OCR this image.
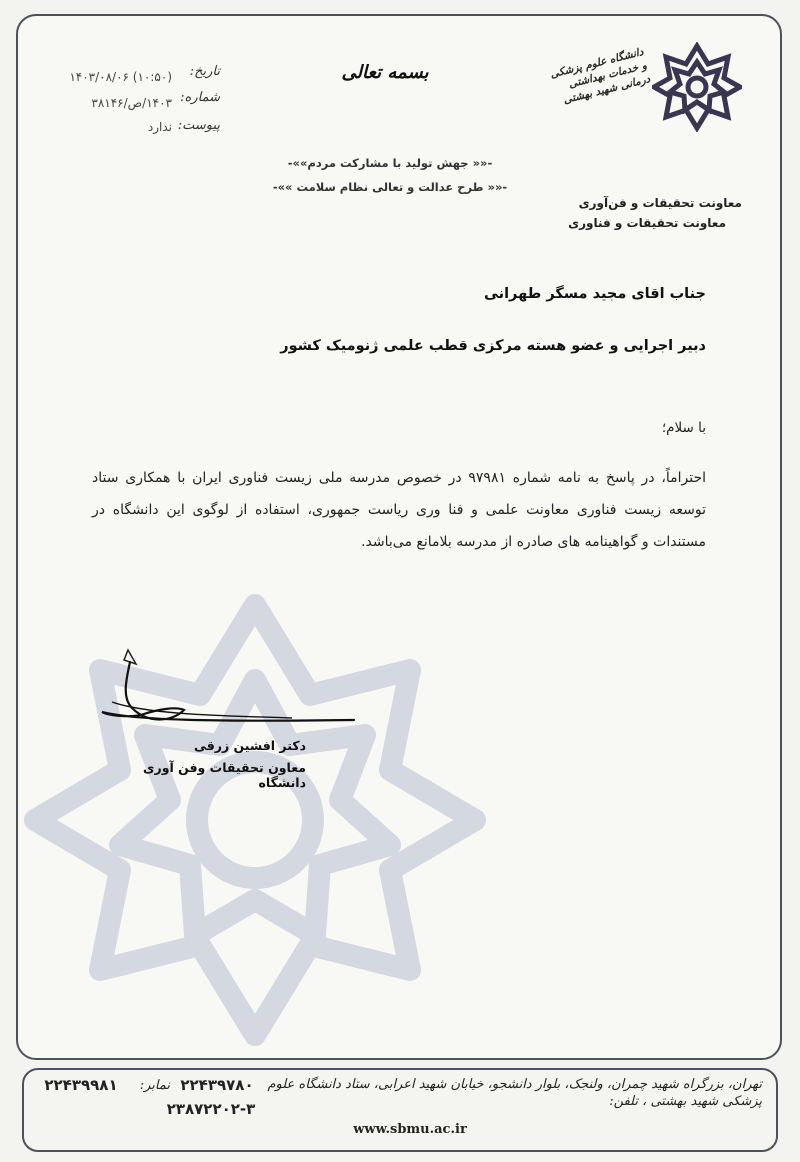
دانشگاه علوم پزشکی و خدمات بهداشتی درمانی شهید بهشتی
معاونت تحقیقات و فن‌آوری
معاونت تحقیقات و فناوری
بسمه تعالی
-«« جهش تولید با مشارکت مردم»»-
-«« طرح عدالت و تعالی نظام سلامت »»-
تاریخ:
۱۴۰۳/۰۸/۰۶ (۱۰:۵۰)
شماره:
۱۴۰۳/ص/۳۸۱۴۶
پیوست:
ندارد
جناب اقای مجید مسگر طهرانی
دبیر اجرایی و عضو هسته مرکزی قطب علمی ژنومیک کشور
با سلام؛
احتراماً، در پاسخ به نامه شماره ۹۷۹۸۱ در خصوص مدرسه ملی زیست فناوری ایران با همکاری ستاد توسعه زیست فناوری معاونت علمی و فنا وری ریاست جمهوری، استفاده از لوگوی این دانشگاه در مستندات و گواهینامه های صادره از مدرسه بلامانع می‌باشد.
دکتر افشین زرقی
معاون تحقیقات وفن آوری دانشگاه
تهران، بزرگراه شهید چمران، ولنجک، بلوار دانشجو، خیابان شهید اعرابی، ستاد دانشگاه علوم پزشکی شهید بهشتی ، تلفن:
۲۲۴۳۹۷۸۰
۲۳۸۷۲۲۰۲-۳
نمابر:
۲۲۴۳۹۹۸۱
www.sbmu.ac.ir
